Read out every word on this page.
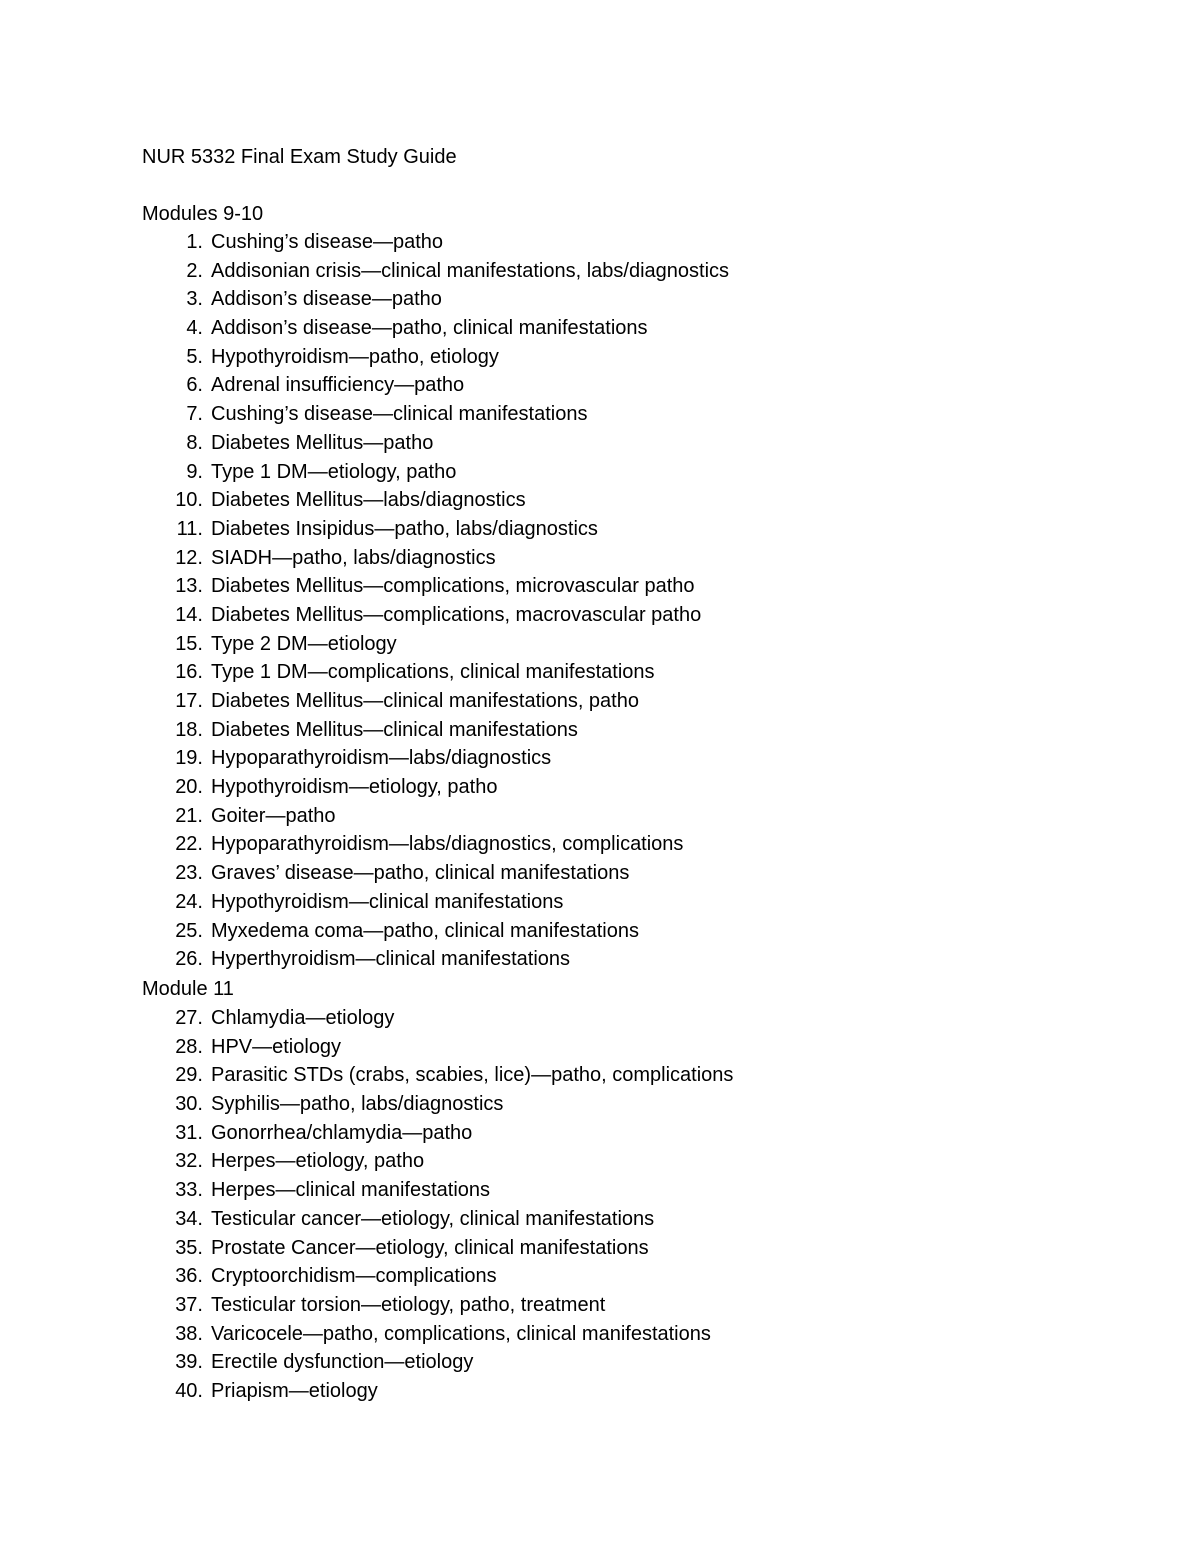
NUR 5332 Final Exam Study Guide
Modules 9-10
1. Cushing’s disease—patho
2. Addisonian crisis—clinical manifestations, labs/diagnostics
3. Addison’s disease—patho
4. Addison’s disease—patho, clinical manifestations
5. Hypothyroidism—patho, etiology
6. Adrenal insufficiency—patho
7. Cushing’s disease—clinical manifestations
8. Diabetes Mellitus—patho
9. Type 1 DM—etiology, patho
10. Diabetes Mellitus—labs/diagnostics
11. Diabetes Insipidus—patho, labs/diagnostics
12. SIADH—patho, labs/diagnostics
13. Diabetes Mellitus—complications, microvascular patho
14. Diabetes Mellitus—complications, macrovascular patho
15. Type 2 DM—etiology
16. Type 1 DM—complications, clinical manifestations
17. Diabetes Mellitus—clinical manifestations, patho
18. Diabetes Mellitus—clinical manifestations
19. Hypoparathyroidism—labs/diagnostics
20. Hypothyroidism—etiology, patho
21. Goiter—patho
22. Hypoparathyroidism—labs/diagnostics, complications
23. Graves’ disease—patho, clinical manifestations
24. Hypothyroidism—clinical manifestations
25. Myxedema coma—patho, clinical manifestations
26. Hyperthyroidism—clinical manifestations
Module 11
27. Chlamydia—etiology
28. HPV—etiology
29. Parasitic STDs (crabs, scabies, lice)—patho, complications
30. Syphilis—patho, labs/diagnostics
31. Gonorrhea/chlamydia—patho
32. Herpes—etiology, patho
33. Herpes—clinical manifestations
34. Testicular cancer—etiology, clinical manifestations
35. Prostate Cancer—etiology, clinical manifestations
36. Cryptoorchidism—complications
37. Testicular torsion—etiology, patho, treatment
38. Varicocele—patho, complications, clinical manifestations
39. Erectile dysfunction—etiology
40. Priapism—etiology
